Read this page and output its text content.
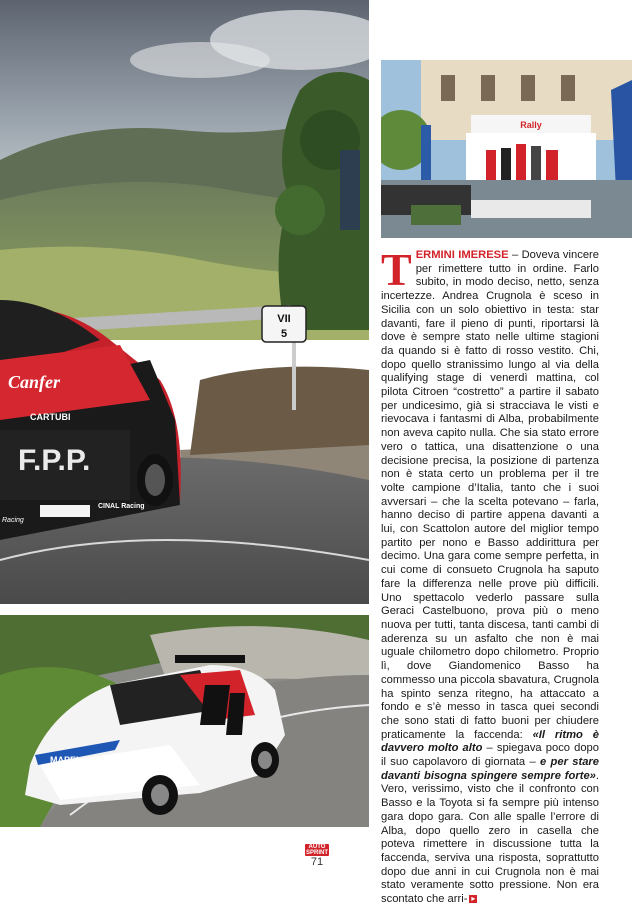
VII
5
Canfer
F.P.P.
CARTUBI
CINAL Racing
Racing
Rally
MAPEI
TERMINI IMERESE – Doveva vincere per rimettere tutto in ordine. Farlo subito, in modo deciso, netto, senza incertezze. Andrea Crugnola è sceso in Sicilia con un solo obiettivo in testa: star davanti, fare il pieno di punti, riportarsi là dove è sempre stato nelle ultime stagioni da quando si è fatto di rosso vestito. Chi, dopo quello stranissimo lungo al via della qualifying stage di venerdì mattina, col pilota Citroen “costretto” a partire il sabato per undicesimo, già si stracciava le visti e rievocava i fantasmi di Alba, probabilmente non aveva capito nulla. Che sia stato errore vero o tattica, una disattenzione o una decisione precisa, la posizione di partenza non è stata certo un problema per il tre volte campione d’Italia, tanto che i suoi avversari – che la scelta potevano – farla, hanno deciso di partire appena davanti a lui, con Scattolon autore del miglior tempo partito per nono e Basso addirittura per decimo. Una gara come sempre perfetta, in cui come di consueto Crugnola ha saputo fare la differenza nelle prove più difficili. Uno spettacolo vederlo passare sulla Geraci Castelbuono, prova più o meno nuova per tutti, tanta discesa, tanti cambi di aderenza su un asfalto che non è mai uguale chilometro dopo chilometro. Proprio lì, dove Giandomenico Basso ha commesso una piccola sbavatura, Crugnola ha spinto senza ritegno, ha attaccato a fondo e s’è messo in tasca quei secondi che sono stati di fatto buoni per chiudere praticamente la faccenda: «Il ritmo è davvero molto alto – spiegava poco dopo il suo capolavoro di giornata – e per stare davanti bisogna spingere sempre forte». Vero, verissimo, visto che il confronto con Basso e la Toyota si fa sempre più intenso gara dopo gara. Con alle spalle l’errore di Alba, dopo quello zero in casella che poteva rimettere in discussione tutta la faccenda, serviva una risposta, soprattutto dopo due anni in cui Crugnola non è mai stato veramente sotto pressione. Non era scontato che arri- ▸
AUTO SPRINT
71
